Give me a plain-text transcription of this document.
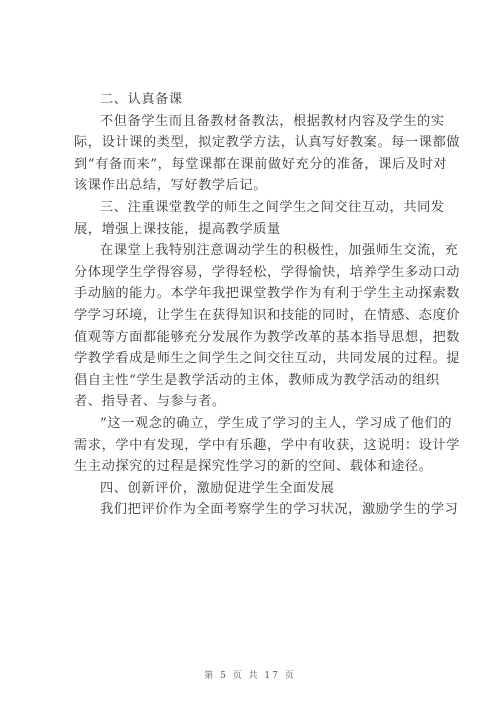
二、认真备课
不但备学生而且备教材备教法，根据教材内容及学生的实
际，设计课的类型，拟定教学方法，认真写好教案。每一课都做
到“有备而来”，每堂课都在课前做好充分的准备，课后及时对
该课作出总结，写好教学后记。
三、注重课堂教学的师生之间学生之间交往互动，共同发
展，增强上课技能，提高教学质量
在课堂上我特别注意调动学生的积极性，加强师生交流，充
分体现学生学得容易，学得轻松，学得愉快，培养学生多动口动
手动脑的能力。本学年我把课堂教学作为有利于学生主动探索数
学学习环境，让学生在获得知识和技能的同时，在情感、态度价
值观等方面都能够充分发展作为教学改革的基本指导思想，把数
学教学看成是师生之间学生之间交往互动，共同发展的过程。提
倡自主性“学生是教学活动的主体，教师成为教学活动的组织
者、指导者、与参与者。
”这一观念的确立，学生成了学习的主人，学习成了他们的
需求，学中有发现，学中有乐趣，学中有收获，这说明：设计学
生主动探究的过程是探究性学习的新的空间、载体和途径。
四、创新评价，激励促进学生全面发展
我们把评价作为全面考察学生的学习状况，激励学生的学习
第 5 页 共 17 页
